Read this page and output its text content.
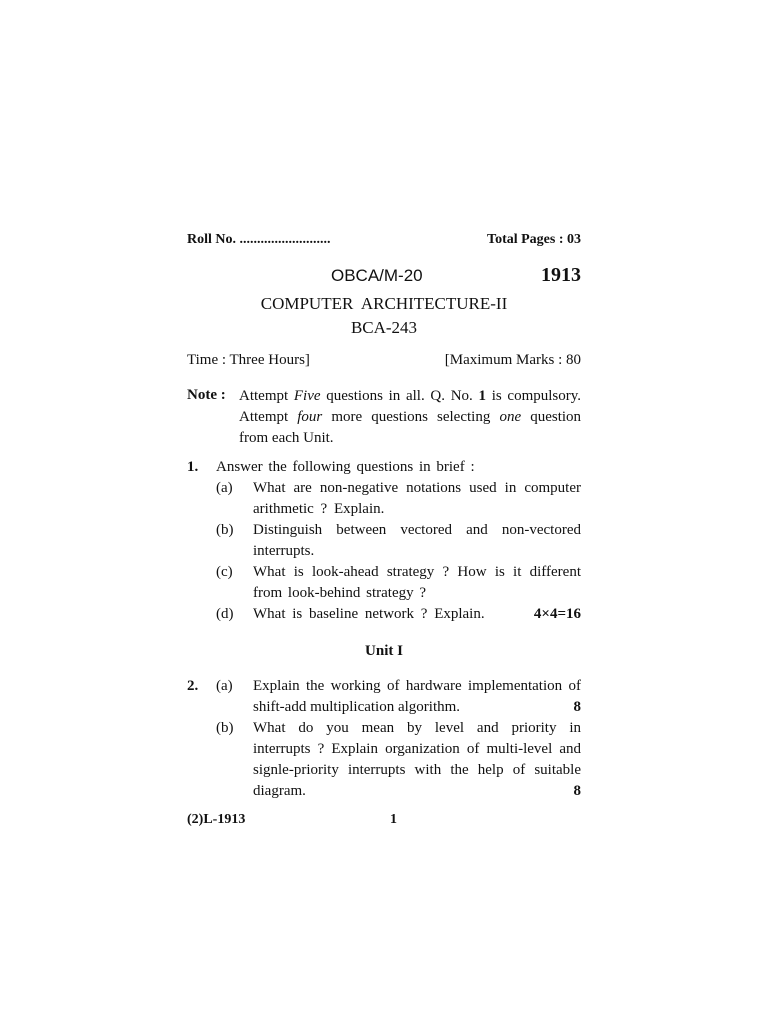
Roll No. ..........................	Total Pages : 03
OBCA/M-20	1913
COMPUTER  ARCHITECTURE-II
BCA-243
Time : Three Hours]	[Maximum Marks : 80
Note : Attempt Five questions in all. Q. No. 1 is compulsory.
Attempt four more questions selecting one question
from each Unit.
1. Answer the following questions in brief :
(a) What are non-negative notations used in computer
arithmetic ? Explain.
(b) Distinguish between vectored and non-vectored
interrupts.
(c) What is look-ahead strategy ? How is it different
from look-behind strategy ?
(d) What is baseline network ? Explain.	4×4=16
Unit I
2. (a) Explain the working of hardware implementation of
shift-add multiplication algorithm.	8
(b) What do you mean by level and priority in
interrupts ? Explain organization of multi-level and
signle-priority interrupts with the help of suitable
diagram.	8
(2)L-1913	1
